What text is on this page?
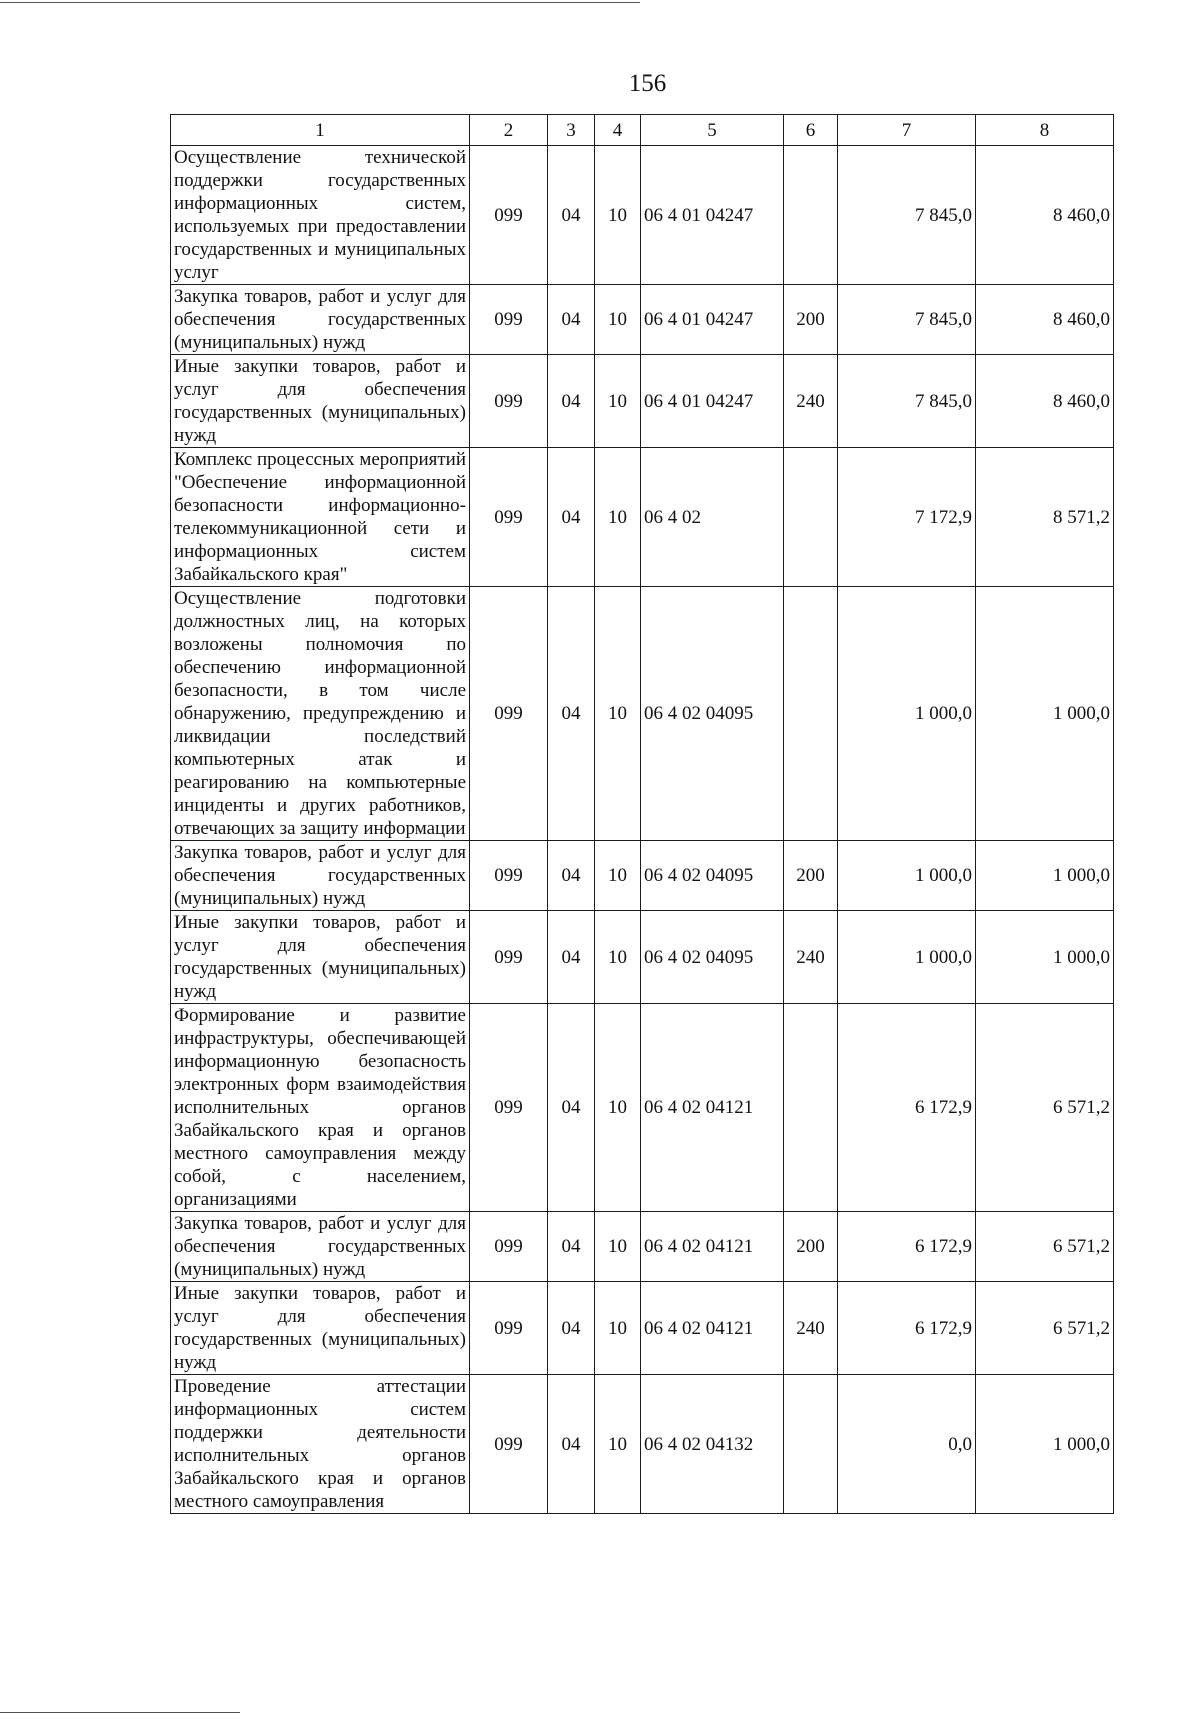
156
1	2	3	4	5	6	7	8
Осуществление технической поддержки государственных информационных систем, используемых при предоставлении государственных и муниципальных услуг	099	04	10	06 4 01 04247		7 845,0	8 460,0
Закупка товаров, работ и услуг для обеспечения государственных (муниципальных) нужд	099	04	10	06 4 01 04247	200	7 845,0	8 460,0
Иные закупки товаров, работ и услуг для обеспечения государственных (муниципальных) нужд	099	04	10	06 4 01 04247	240	7 845,0	8 460,0
Комплекс процессных мероприятий "Обеспечение информационной безопасности информационно-телекоммуникационной сети и информационных систем Забайкальского края"	099	04	10	06 4 02		7 172,9	8 571,2
Осуществление подготовки должностных лиц, на которых возложены полномочия по обеспечению информационной безопасности, в том числе обнаружению, предупреждению и ликвидации последствий компьютерных атак и реагированию на компьютерные инциденты и других работников, отвечающих за защиту информации	099	04	10	06 4 02 04095		1 000,0	1 000,0
Закупка товаров, работ и услуг для обеспечения государственных (муниципальных) нужд	099	04	10	06 4 02 04095	200	1 000,0	1 000,0
Иные закупки товаров, работ и услуг для обеспечения государственных (муниципальных) нужд	099	04	10	06 4 02 04095	240	1 000,0	1 000,0
Формирование и развитие инфраструктуры, обеспечивающей информационную безопасность электронных форм взаимодействия исполнительных органов Забайкальского края и органов местного самоуправления между собой, с населением, организациями	099	04	10	06 4 02 04121		6 172,9	6 571,2
Закупка товаров, работ и услуг для обеспечения государственных (муниципальных) нужд	099	04	10	06 4 02 04121	200	6 172,9	6 571,2
Иные закупки товаров, работ и услуг для обеспечения государственных (муниципальных) нужд	099	04	10	06 4 02 04121	240	6 172,9	6 571,2
Проведение аттестации информационных систем поддержки деятельности исполнительных органов Забайкальского края и органов местного самоуправления	099	04	10	06 4 02 04132		0,0	1 000,0
